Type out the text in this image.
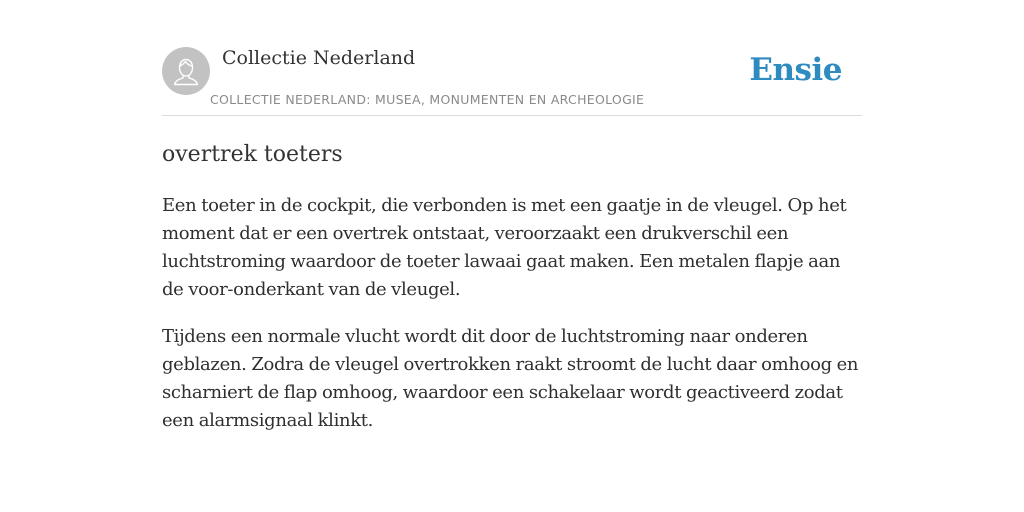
Collectie Nederland
COLLECTIE NEDERLAND: MUSEA, MONUMENTEN EN ARCHEOLOGIE
Ensie
overtrek toeters

Een toeter in de cockpit, die verbonden is met een gaatje in de vleugel. Op het moment dat er een overtrek ontstaat, veroorzaakt een drukverschil een luchtstroming waardoor de toeter lawaai gaat maken. Een metalen flapje aan de voor-onderkant van de vleugel.

Tijdens een normale vlucht wordt dit door de luchtstroming naar onderen geblazen. Zodra de vleugel overtrokken raakt stroomt de lucht daar omhoog en scharniert de flap omhoog, waardoor een schakelaar wordt geactiveerd zodat een alarmsignaal klinkt.
